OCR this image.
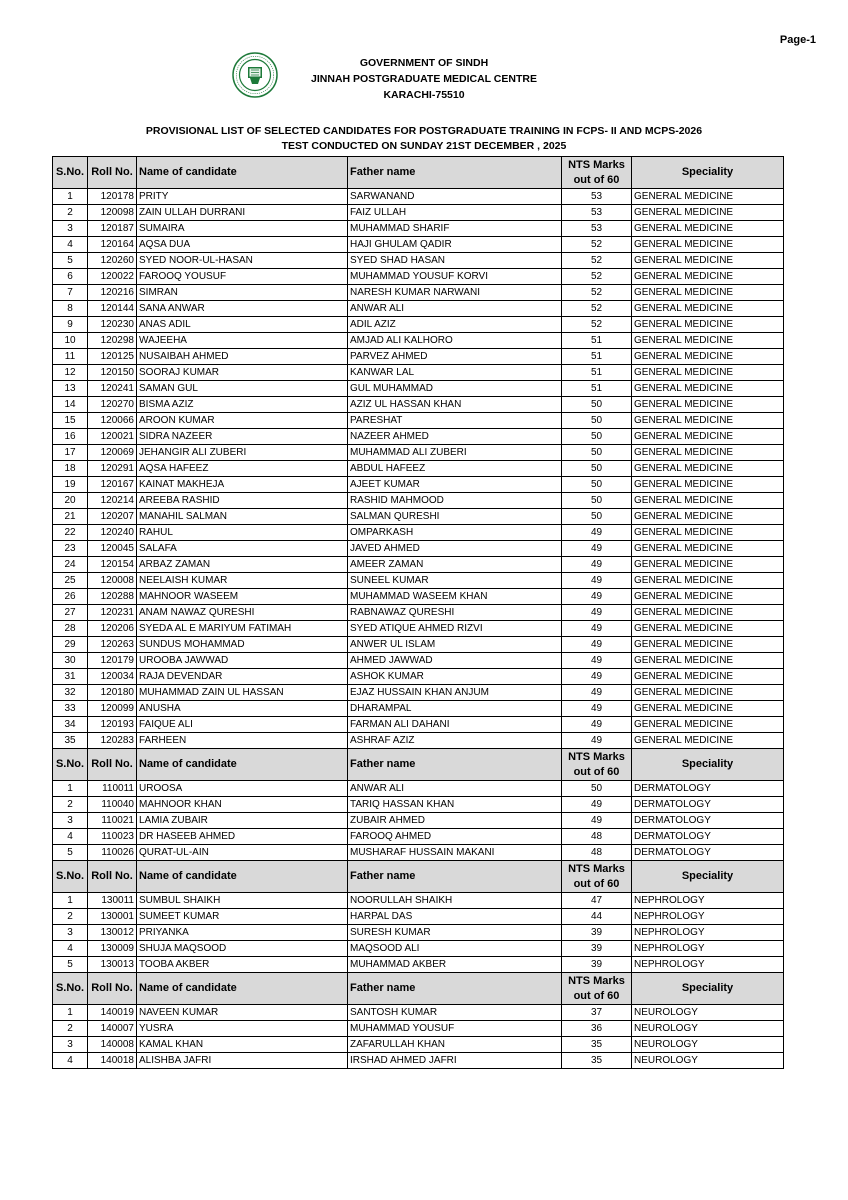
Page-1
GOVERNMENT OF SINDH
JINNAH POSTGRADUATE MEDICAL CENTRE
KARACHI-75510
PROVISIONAL LIST OF SELECTED CANDIDATES FOR POSTGRADUATE TRAINING IN FCPS- II AND MCPS-2026
TEST CONDUCTED ON SUNDAY 21ST DECEMBER , 2025
S.No.	Roll No.	Name of candidate	Father name	NTS Marks
out of 60	Speciality
1	120178	PRITY	SARWANAND	53	GENERAL MEDICINE
2	120098	ZAIN ULLAH DURRANI	FAIZ ULLAH	53	GENERAL MEDICINE
3	120187	SUMAIRA	MUHAMMAD SHARIF	53	GENERAL MEDICINE
4	120164	AQSA DUA	HAJI GHULAM QADIR	52	GENERAL MEDICINE
5	120260	SYED NOOR-UL-HASAN	SYED SHAD HASAN	52	GENERAL MEDICINE
6	120022	FAROOQ YOUSUF	MUHAMMAD YOUSUF KORVI	52	GENERAL MEDICINE
7	120216	SIMRAN	NARESH KUMAR NARWANI	52	GENERAL MEDICINE
8	120144	SANA ANWAR	ANWAR ALI	52	GENERAL MEDICINE
9	120230	ANAS ADIL	ADIL AZIZ	52	GENERAL MEDICINE
10	120298	WAJEEHA	AMJAD ALI KALHORO	51	GENERAL MEDICINE
11	120125	NUSAIBAH AHMED	PARVEZ AHMED	51	GENERAL MEDICINE
12	120150	SOORAJ KUMAR	KANWAR LAL	51	GENERAL MEDICINE
13	120241	SAMAN GUL	GUL MUHAMMAD	51	GENERAL MEDICINE
14	120270	BISMA AZIZ	AZIZ UL HASSAN KHAN	50	GENERAL MEDICINE
15	120066	AROON KUMAR	PARESHAT	50	GENERAL MEDICINE
16	120021	SIDRA NAZEER	NAZEER AHMED	50	GENERAL MEDICINE
17	120069	JEHANGIR ALI ZUBERI	MUHAMMAD ALI ZUBERI	50	GENERAL MEDICINE
18	120291	AQSA HAFEEZ	ABDUL HAFEEZ	50	GENERAL MEDICINE
19	120167	KAINAT MAKHEJA	AJEET KUMAR	50	GENERAL MEDICINE
20	120214	AREEBA RASHID	RASHID MAHMOOD	50	GENERAL MEDICINE
21	120207	MANAHIL SALMAN	SALMAN QURESHI	50	GENERAL MEDICINE
22	120240	RAHUL	OMPARKASH	49	GENERAL MEDICINE
23	120045	SALAFA	JAVED AHMED	49	GENERAL MEDICINE
24	120154	ARBAZ ZAMAN	AMEER ZAMAN	49	GENERAL MEDICINE
25	120008	NEELAISH KUMAR	SUNEEL KUMAR	49	GENERAL MEDICINE
26	120288	MAHNOOR WASEEM	MUHAMMAD WASEEM KHAN	49	GENERAL MEDICINE
27	120231	ANAM NAWAZ QURESHI	RABNAWAZ QURESHI	49	GENERAL MEDICINE
28	120206	SYEDA AL E MARIYUM FATIMAH	SYED ATIQUE AHMED RIZVI	49	GENERAL MEDICINE
29	120263	SUNDUS MOHAMMAD	ANWER UL ISLAM	49	GENERAL MEDICINE
30	120179	UROOBA JAWWAD	AHMED JAWWAD	49	GENERAL MEDICINE
31	120034	RAJA DEVENDAR	ASHOK KUMAR	49	GENERAL MEDICINE
32	120180	MUHAMMAD ZAIN UL HASSAN	EJAZ HUSSAIN KHAN ANJUM	49	GENERAL MEDICINE
33	120099	ANUSHA	DHARAMPAL	49	GENERAL MEDICINE
34	120193	FAIQUE ALI	FARMAN ALI DAHANI	49	GENERAL MEDICINE
35	120283	FARHEEN	ASHRAF AZIZ	49	GENERAL MEDICINE
S.No.	Roll No.	Name of candidate	Father name	NTS Marks
out of 60	Speciality
1	110011	UROOSA	ANWAR ALI	50	DERMATOLOGY
2	110040	MAHNOOR KHAN	TARIQ HASSAN KHAN	49	DERMATOLOGY
3	110021	LAMIA ZUBAIR	ZUBAIR AHMED	49	DERMATOLOGY
4	110023	DR HASEEB AHMED	FAROOQ AHMED	48	DERMATOLOGY
5	110026	QURAT-UL-AIN	MUSHARAF HUSSAIN MAKANI	48	DERMATOLOGY
S.No.	Roll No.	Name of candidate	Father name	NTS Marks
out of 60	Speciality
1	130011	SUMBUL SHAIKH	NOORULLAH SHAIKH	47	NEPHROLOGY
2	130001	SUMEET KUMAR	HARPAL DAS	44	NEPHROLOGY
3	130012	PRIYANKA	SURESH KUMAR	39	NEPHROLOGY
4	130009	SHUJA MAQSOOD	MAQSOOD ALI	39	NEPHROLOGY
5	130013	TOOBA AKBER	MUHAMMAD AKBER	39	NEPHROLOGY
S.No.	Roll No.	Name of candidate	Father name	NTS Marks
out of 60	Speciality
1	140019	NAVEEN KUMAR	SANTOSH KUMAR	37	NEUROLOGY
2	140007	YUSRA	MUHAMMAD YOUSUF	36	NEUROLOGY
3	140008	KAMAL KHAN	ZAFARULLAH KHAN	35	NEUROLOGY
4	140018	ALISHBA JAFRI	IRSHAD AHMED JAFRI	35	NEUROLOGY
